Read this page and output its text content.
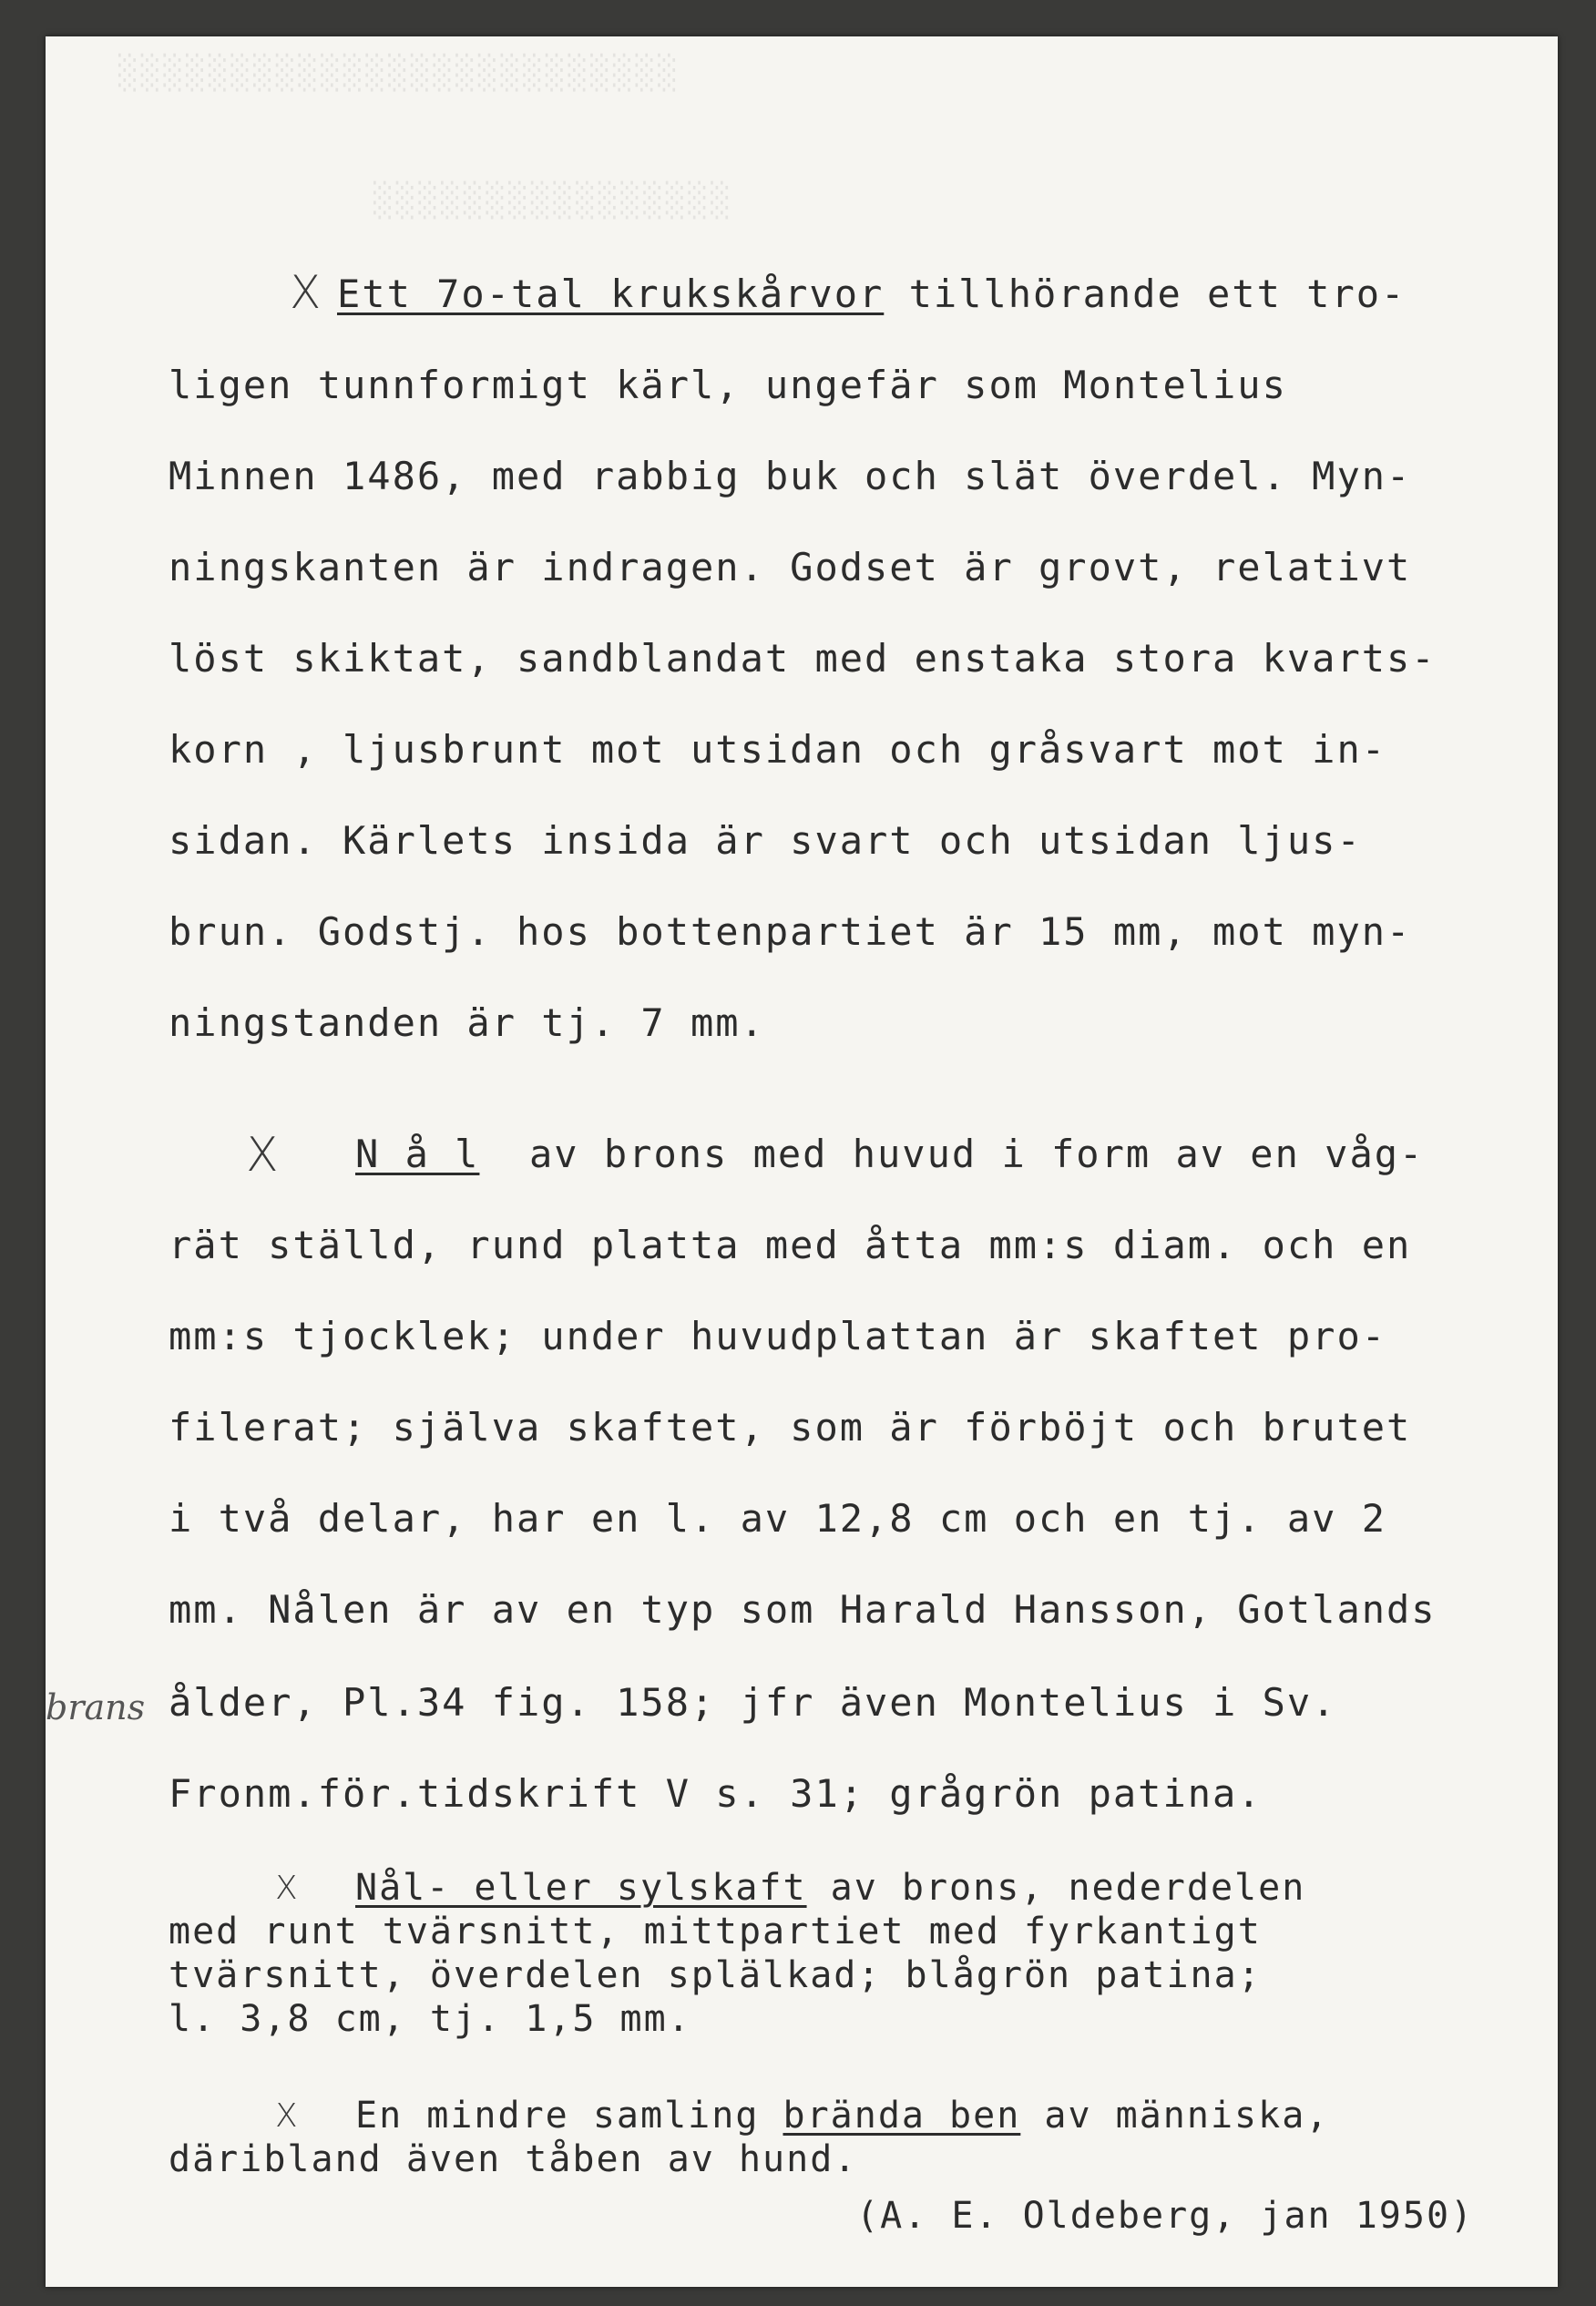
░░░░░░░░░░░░░░░░░░░░░░░░░
░░░░░░░░░░░░░░░░
X Ett 7o-tal krukskårvor tillhörande ett tro-
ligen tunnformigt kärl, ungefär som Montelius
Minnen 1486, med rabbig buk och slät överdel. Myn-
ningskanten är indragen. Godset är grovt, relativt
löst skiktat, sandblandat med enstaka stora kvarts-
korn , ljusbrunt mot utsidan och gråsvart mot in-
sidan. Kärlets insida är svart och utsidan ljus-
brun. Godstj. hos bottenpartiet är 15 mm, mot myn-
ningstanden är tj. 7 mm.
X N å l  av brons med huvud i form av en våg-
rät ställd, rund platta med åtta mm:s diam. och en
mm:s tjocklek; under huvudplattan är skaftet pro-
filerat; själva skaftet, som är förböjt och brutet
i två delar, har en l. av 12,8 cm och en tj. av 2
mm. Nålen är av en typ som Harald Hansson, Gotlands
brans ålder, Pl.34 fig. 158; jfr även Montelius i Sv.
Fronm.för.tidskrift V s. 31; grågrön patina.
X Nål- eller sylskaft av brons, nederdelen
med runt tvärsnitt, mittpartiet med fyrkantigt
tvärsnitt, överdelen splälkad; blågrön patina;
l. 3,8 cm, tj. 1,5 mm.
X En mindre samling brända ben av människa,
däribland även tåben av hund.
(A. E. Oldeberg, jan 1950)
